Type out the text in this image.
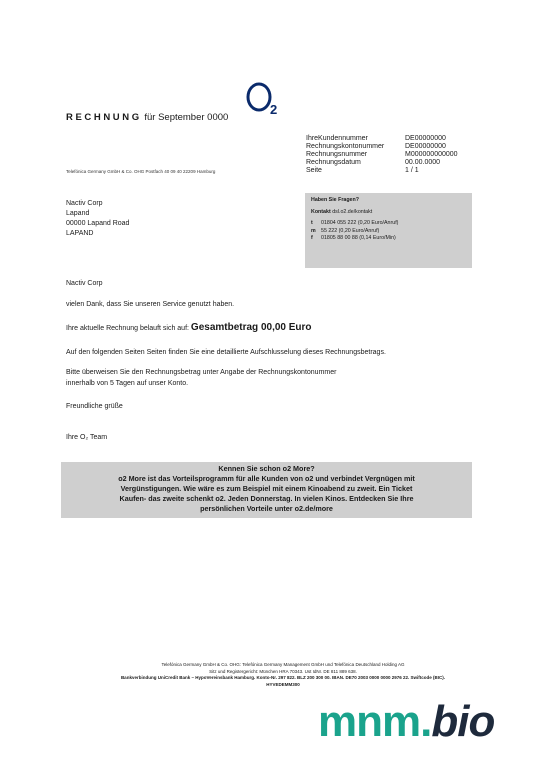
2
RECHNUNG für September 0000
Telefónica Germany GmbH & Co. OHG Postfach 40 09 40 22209 Hamburg
IhreKundennummer	DE00000000
Rechnungskontonummer	DE00000000
Rechnungsnummer	M000000000000
Rechnungsdatum	00.00.0000
Seite	1 / 1
Nactiv Corp
Lapand
00000 Lapand Road
LAPAND
Haben Sie Fragen?
Kontakt dsl.o2.de/kontakt
t 01804 055 222 (0,20 Euro/Anruf)
m 55 222 (0,20 Euro/Anruf)
f 01805 88 00 88 (0,14 Euro/Min)
Nactiv Corp
vielen Dank, dass Sie unseren Service genutzt haben.
Ihre aktuelle Rechnung belauft sich auf: Gesamtbetrag 00,00 Euro
Auf den folgenden Seiten Seiten finden Sie eine detaillierte Aufschlusselung dieses Rechnungsbetrags.
Bitte überweisen Sie den Rechnungsbetrag unter Angabe der Rechnungskontonummer
innerhalb von 5 Tagen auf unser Konto.
Freundliche grüße
Ihre O₂ Team
Kennen Sie schon o2 More?
o2 More ist das Vorteilsprogramm für alle Kunden von o2 und verbindet Vergnügen mit
Vergünstigungen. Wie wäre es zum Beispiel mit einem Kinoabend zu zweit. Ein Ticket
Kaufen- das zweite schenkt o2. Jeden Donnerstag. In vielen Kinos. Entdecken Sie Ihre
persönlichen Vorteile unter o2.de/more
Telefónica Germany GmbH & Co. OHG: Telefónica Germany Management GmbH und Telefónica Deutschland Holding AG
Sitz und Registergericht: München HRA 70343. Ust IdNr. DE 811 889 638.
Bankverbindung UniCredit Bank – HypoVereinsbank Hamburg. Konto-Nr. 297 822. BLZ 200 300 00. IBAN. DE70 2003 0000 0000 2976 22. Swiftcode (BIC).
HYVEDEMM300
mnm.bio
